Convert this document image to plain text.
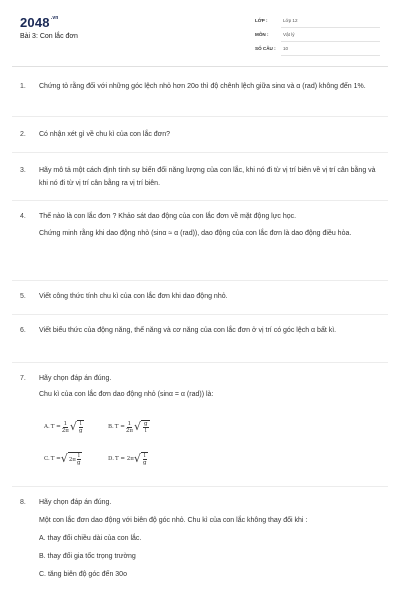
$2048^{.vn}$
Bài 3: Con lắc đơn
LỚP :	Lớp 12
MÔN :	Vật lý
SỐ CÂU : 10
1.	Chứng tỏ rằng đối với những góc lệch nhỏ hơn 20o thì độ chênh lệch giữa sinα và α (rad) không đến 1%.

2.	Có nhận xét gì về chu kì của con lắc đơn?

3.	Hãy mô tả một cách định tính sự biến đổi năng lượng của con lắc, khi nó đi từ vị trí biên về vị trí cân bằng và khi nó đi từ vị trí cân bằng ra vị trí biên.

4.	Thế nào là con lắc đơn ? Khảo sát dao động của con lắc đơn về mặt động lực học.

Chứng minh rằng khi dao động nhỏ (sinα ≈ α (rad)), dao động của con lắc đơn là dao động điều hòa.

5.	Viết công thức tính chu kì của con lắc đơn khi dao động nhỏ.

6.	Viết biểu thức của động năng, thế năng và cơ năng của con lắc đơn ở vị trí có góc lệch α bất kì.

7.	Hãy chọn đáp án đúng.

Chu kì của con lắc đơn dao động nhỏ (sinα = α (rad)) là:

A. $T = \frac{1}{2\pi}$ √ $\frac{l}{g}$	B. $T = \frac{1}{2\pi}$ √ $\frac{g}{l}$
C. T = √ $2\pi \frac{l}{g}$	D. T = 2π √ $\frac{l}{g}$
8.	Hãy chọn đáp án đúng.

Một con lắc đơn dao động với biên độ góc nhỏ. Chu kì của con lắc không thay đổi khi :

A. thay đổi chiều dài của con lắc.

B. thay đổi gia tốc trọng trường

C. tăng biên độ góc đến 30o
